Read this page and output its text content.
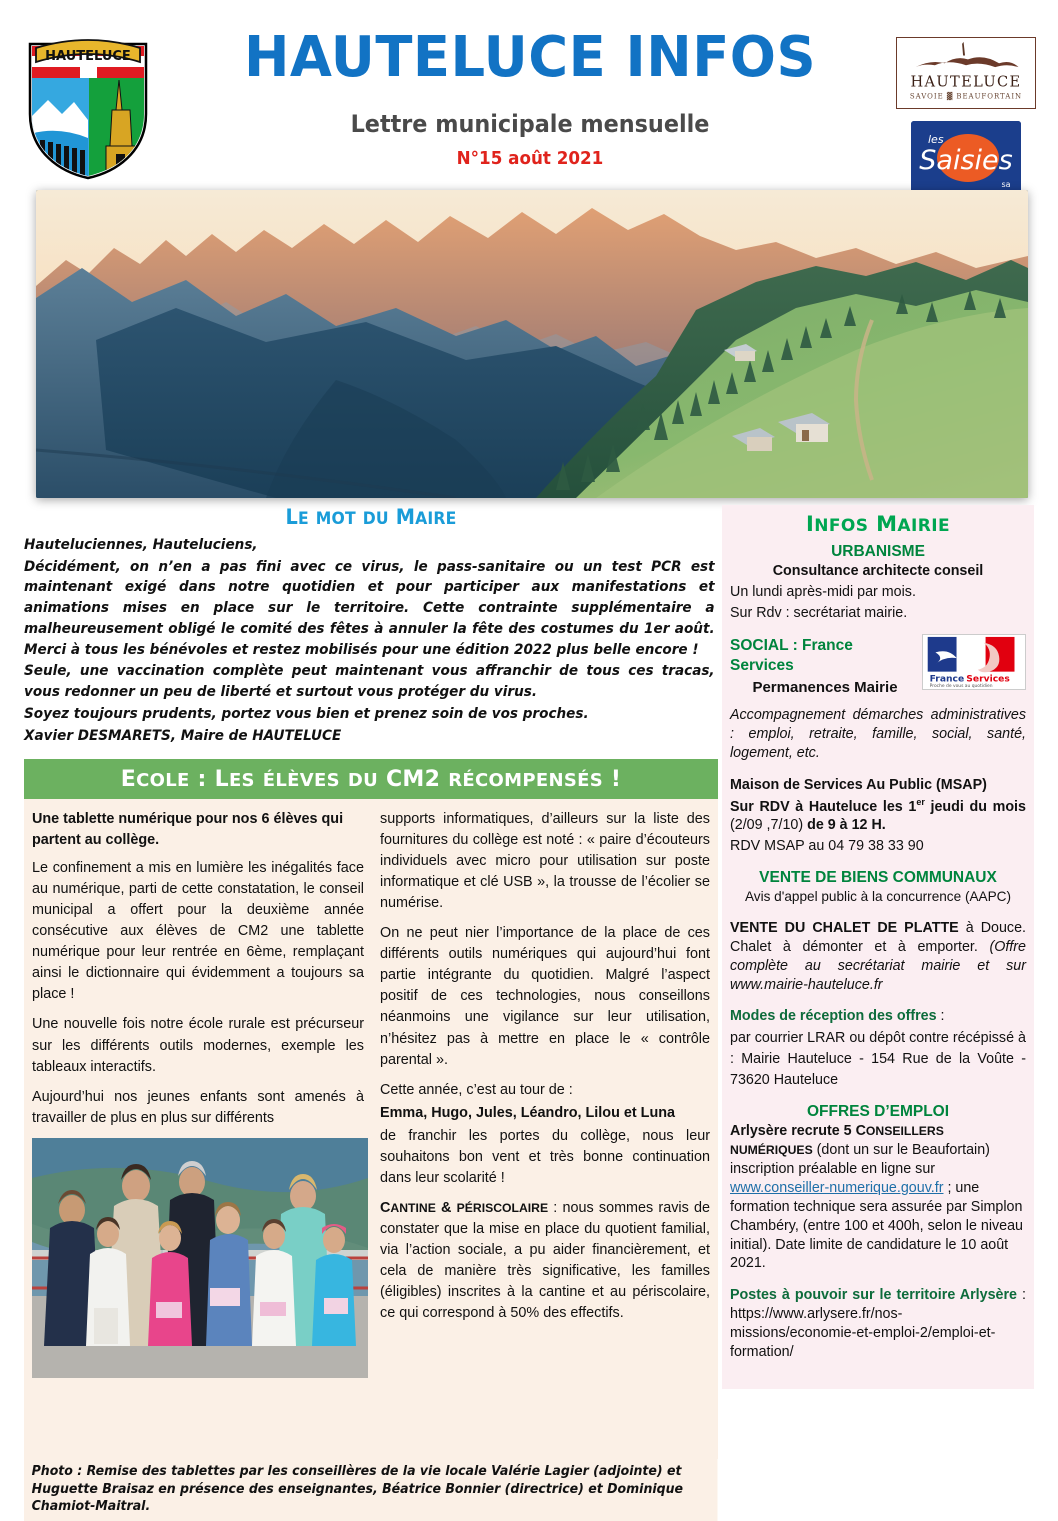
HAUTELUCE	HAUTELUCE INFOS
Lettre municipale mensuelle
N°15 août 2021
HAUTELUCE
SAVOIE ▓ BEAUFORTAIN
les
Saisies
sa
LE MOT DU MAIRE

Hauteluciennes, Hauteluciens,

Décidément, on n’en a pas fini avec ce virus, le pass-sanitaire ou un test PCR est maintenant exigé dans notre quotidien et pour participer aux manifestations et animations mises en place sur le territoire. Cette contrainte supplémentaire a malheureusement obligé le comité des fêtes à annuler la fête des costumes du 1er août. Merci à tous les bénévoles et restez mobilisés pour une édition 2022 plus belle encore !

Seule, une vaccination complète peut maintenant vous affranchir de tous ces tracas, vous redonner un peu de liberté et surtout vous protéger du virus.

Soyez toujours prudents, portez vous bien et prenez soin de vos proches.

Xavier DESMARETS, Maire de HAUTELUCE

ECOLE : LES ÉLÈVES DU CM2 RÉCOMPENSÉS !

Une tablette numérique pour nos 6 élèves qui partent au collège.

Le confinement a mis en lumière les inégalités face au numérique, parti de cette constatation, le conseil municipal a offert pour la deuxième année consécutive aux élèves de CM2 une tablette numérique pour leur rentrée en 6ème, remplaçant ainsi le dictionnaire qui évidemment a toujours sa place !

Une nouvelle fois notre école rurale est précurseur sur les différents outils modernes, exemple les tableaux interactifs.

Aujourd’hui nos jeunes enfants sont amenés à travailler de plus en plus sur différents

supports informatiques, d’ailleurs sur la liste des fournitures du collège est noté : « paire d’écouteurs individuels avec micro pour utilisation sur poste informatique et clé USB », la trousse de l’écolier se numérise.

On ne peut nier l’importance de la place de ces différents outils numériques qui aujourd’hui font partie intégrante du quotidien. Malgré l’aspect positif de ces technologies, nous conseillons néanmoins une vigilance sur leur utilisation, n’hésitez pas à mettre en place le « contrôle parental ».

Cette année, c’est au tour de :

Emma, Hugo, Jules, Léandro, Lilou et Luna

de franchir les portes du collège, nous leur souhaitons bon vent et très bonne continuation dans leur scolarité !

CANTINE & PÉRISCOLAIRE : nous sommes ravis de constater que la mise en place du quotient familial, via l’action sociale, a pu aider financièrement, et cela de manière très significative, les familles (éligibles) inscrites à la cantine et au périscolaire, ce qui correspond à 50% des effectifs.

Photo : Remise des tablettes par les conseillères de la vie locale Valérie Lagier (adjointe) et Huguette Braisaz en présence des enseignantes, Béatrice Bonnier (directrice) et Dominique Chamiot-Maitral.
INFOS MAIRIE
URBANISME

Consultance architecte conseil

Un lundi après-midi par mois.

Sur Rdv : secrétariat mairie.

SOCIAL : France Services

Permanences Mairie

France Services
Proche de vous au quotidien

Accompagnement démarches administratives : emploi, retraite, famille, social, santé, logement, etc.

Maison de Services Au Public (MSAP)

Sur RDV à Hauteluce les 1er jeudi du mois (2/09 ,7/10) de 9 à 12 H.

RDV MSAP au 04 79 38 33 90

VENTE DE BIENS COMMUNAUX

Avis d'appel public à la concurrence (AAPC)

VENTE DU CHALET DE PLATTE à Douce. Chalet à démonter et à emporter. (Offre complète au secrétariat mairie et sur www.mairie-hauteluce.fr

Modes de réception des offres :

par courrier LRAR ou dépôt contre récépissé à : Mairie Hauteluce - 154 Rue de la Voûte - 73620 Hauteluce

OFFRES D’EMPLOI

Arlysère recrute 5 CONSEILLERS NUMÉRIQUES (dont un sur le Beaufortain) inscription préalable en ligne sur www.conseiller-numerique.gouv.fr ; une formation technique sera assurée par Simplon Chambéry, (entre 100 et 400h, selon le niveau initial). Date limite de candidature le 10 août 2021.

Postes à pouvoir sur le territoire Arlysère : https://www.arlysere.fr/nos-missions/economie-et-emploi-2/emploi-et-formation/
